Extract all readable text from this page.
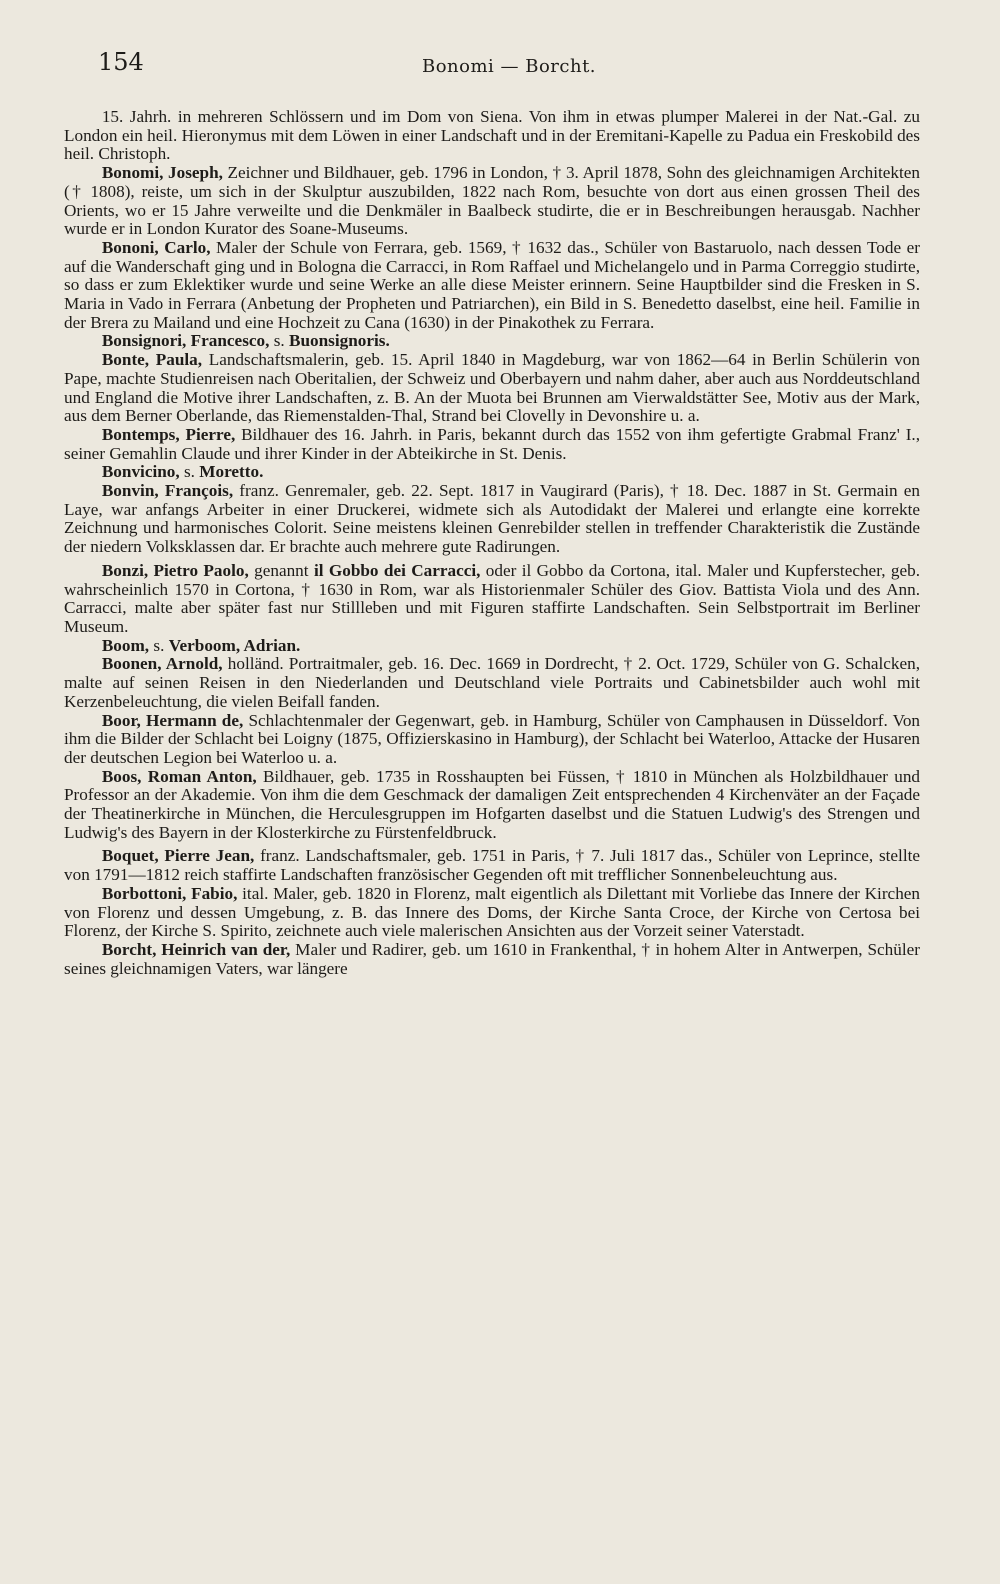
154	Bonomi — Borcht.

15. Jahrh. in mehreren Schlössern und im Dom von Siena. Von ihm in etwas plumper Malerei in der Nat.-Gal. zu London ein heil. Hieronymus mit dem Löwen in einer Landschaft und in der Eremitani-Kapelle zu Padua ein Freskobild des heil. Christoph.

Bonomi, Joseph, Zeichner und Bildhauer, geb. 1796 in London, † 3. April 1878, Sohn des gleichnamigen Architekten († 1808), reiste, um sich in der Skulptur auszubilden, 1822 nach Rom, besuchte von dort aus einen grossen Theil des Orients, wo er 15 Jahre verweilte und die Denkmäler in Baalbeck studirte, die er in Beschreibungen herausgab. Nachher wurde er in London Kurator des Soane-Museums.

Bononi, Carlo, Maler der Schule von Ferrara, geb. 1569, † 1632 das., Schüler von Bastaruolo, nach dessen Tode er auf die Wanderschaft ging und in Bologna die Carracci, in Rom Raffael und Michelangelo und in Parma Correggio studirte, so dass er zum Eklektiker wurde und seine Werke an alle diese Meister erinnern. Seine Hauptbilder sind die Fresken in S. Maria in Vado in Ferrara (Anbetung der Propheten und Patriarchen), ein Bild in S. Benedetto daselbst, eine heil. Familie in der Brera zu Mailand und eine Hochzeit zu Cana (1630) in der Pinakothek zu Ferrara.

Bonsignori, Francesco, s. Buonsignoris.

Bonte, Paula, Landschaftsmalerin, geb. 15. April 1840 in Magdeburg, war von 1862—64 in Berlin Schülerin von Pape, machte Studienreisen nach Oberitalien, der Schweiz und Oberbayern und nahm daher, aber auch aus Norddeutschland und England die Motive ihrer Landschaften, z. B. An der Muota bei Brunnen am Vierwaldstätter See, Motiv aus der Mark, aus dem Berner Oberlande, das Riemenstalden-Thal, Strand bei Clovelly in Devonshire u. a.

Bontemps, Pierre, Bildhauer des 16. Jahrh. in Paris, bekannt durch das 1552 von ihm gefertigte Grabmal Franz' I., seiner Gemahlin Claude und ihrer Kinder in der Abteikirche in St. Denis.

Bonvicino, s. Moretto.

Bonvin, François, franz. Genremaler, geb. 22. Sept. 1817 in Vaugirard (Paris), † 18. Dec. 1887 in St. Germain en Laye, war anfangs Arbeiter in einer Druckerei, widmete sich als Autodidakt der Malerei und erlangte eine korrekte Zeichnung und harmonisches Colorit. Seine meistens kleinen Genrebilder stellen in treffender Charakteristik die Zustände der niedern Volksklassen dar. Er brachte auch mehrere gute Radirungen.

Bonzi, Pietro Paolo, genannt il Gobbo dei Carracci, oder il Gobbo da Cortona, ital. Maler und Kupferstecher, geb. wahrscheinlich 1570 in Cortona, † 1630 in Rom, war als Historienmaler Schüler des Giov. Battista Viola und des Ann. Carracci, malte aber später fast nur Stillleben und mit Figuren staffirte Landschaften. Sein Selbstportrait im Berliner Museum.

Boom, s. Verboom, Adrian.

Boonen, Arnold, holländ. Portraitmaler, geb. 16. Dec. 1669 in Dordrecht, † 2. Oct. 1729, Schüler von G. Schalcken, malte auf seinen Reisen in den Niederlanden und Deutschland viele Portraits und Cabinetsbilder auch wohl mit Kerzenbeleuchtung, die vielen Beifall fanden.

Boor, Hermann de, Schlachtenmaler der Gegenwart, geb. in Hamburg, Schüler von Camphausen in Düsseldorf. Von ihm die Bilder der Schlacht bei Loigny (1875, Offizierskasino in Hamburg), der Schlacht bei Waterloo, Attacke der Husaren der deutschen Legion bei Waterloo u. a.

Boos, Roman Anton, Bildhauer, geb. 1735 in Rosshaupten bei Füssen, † 1810 in München als Holzbildhauer und Professor an der Akademie. Von ihm die dem Geschmack der damaligen Zeit entsprechenden 4 Kirchenväter an der Façade der Theatinerkirche in München, die Herculesgruppen im Hofgarten daselbst und die Statuen Ludwig's des Strengen und Ludwig's des Bayern in der Klosterkirche zu Fürstenfeldbruck.

Boquet, Pierre Jean, franz. Landschaftsmaler, geb. 1751 in Paris, † 7. Juli 1817 das., Schüler von Leprince, stellte von 1791—1812 reich staffirte Landschaften französischer Gegenden oft mit trefflicher Sonnenbeleuchtung aus.

Borbottoni, Fabio, ital. Maler, geb. 1820 in Florenz, malt eigentlich als Dilettant mit Vorliebe das Innere der Kirchen von Florenz und dessen Umgebung, z. B. das Innere des Doms, der Kirche Santa Croce, der Kirche von Certosa bei Florenz, der Kirche S. Spirito, zeichnete auch viele malerischen Ansichten aus der Vorzeit seiner Vaterstadt.

Borcht, Heinrich van der, Maler und Radirer, geb. um 1610 in Frankenthal, † in hohem Alter in Antwerpen, Schüler seines gleichnamigen Vaters, war längere
